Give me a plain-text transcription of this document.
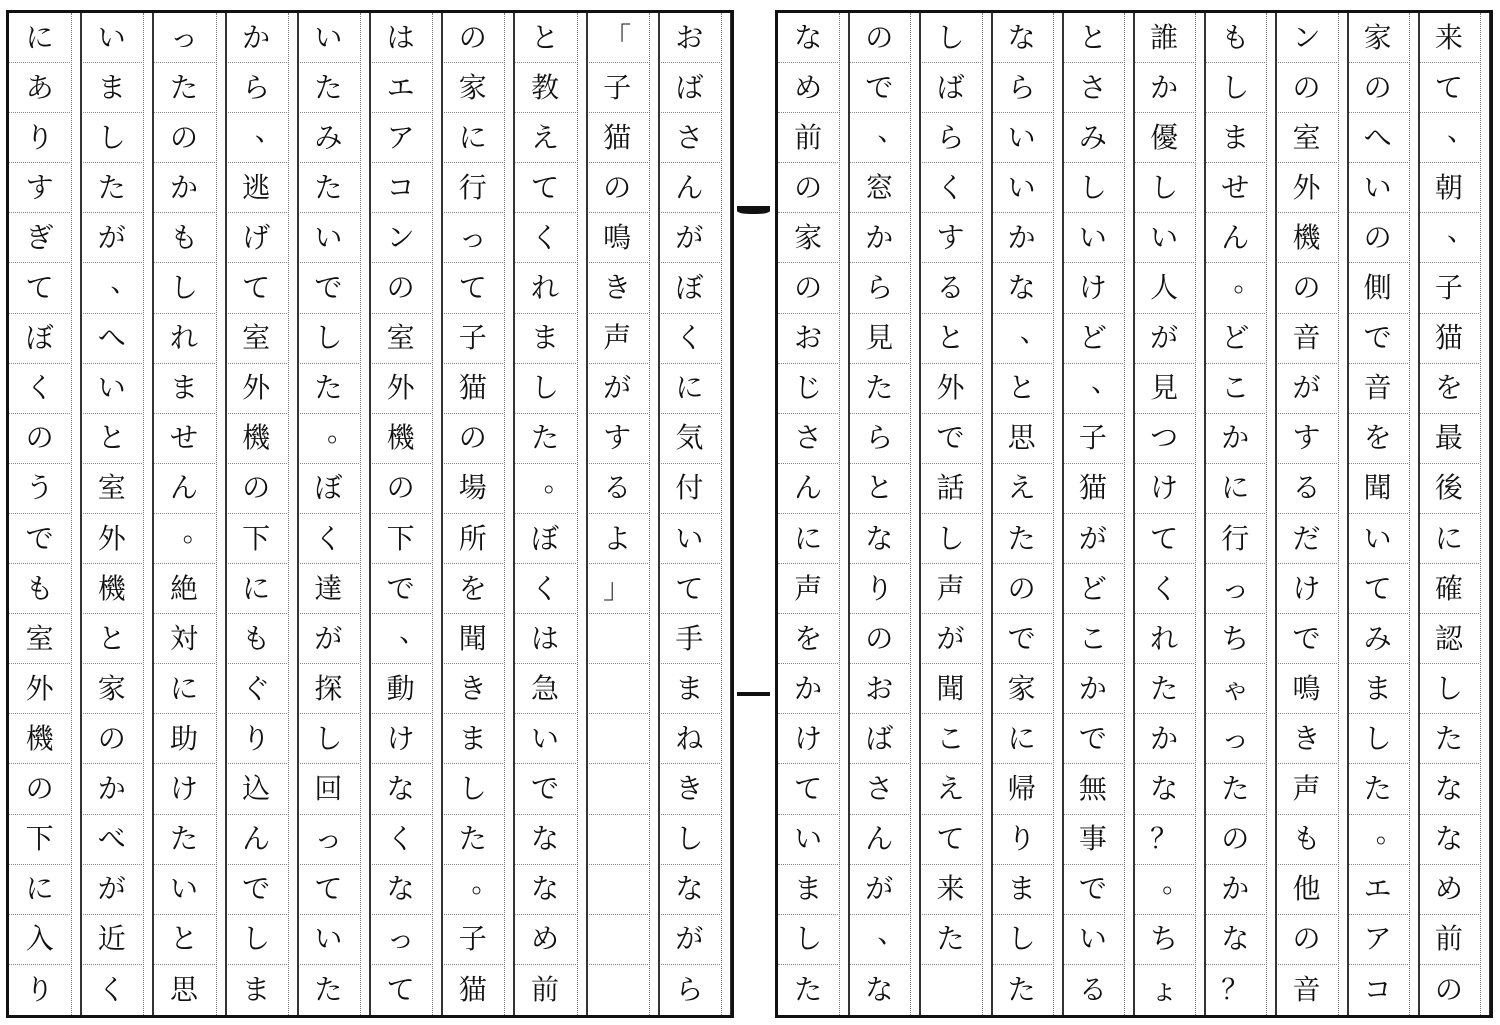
お
ば
さ
ん
が
ぼ
く
に
気
付
い
て
手
ま
ね
き
し
な
が
ら
「
子
猫
の
鳴
き
声
が
す
る
よ
」
と
教
え
て
く
れ
ま
し
た
。
ぼ
く
は
急
い
で
な
な
め
前
の
家
に
行
っ
て
子
猫
の
場
所
を
聞
き
ま
し
た
。
子
猫
は
エ
ア
コ
ン
の
室
外
機
の
下
で
、
動
け
な
く
な
っ
て
い
た
み
た
い
で
し
た
。
ぼ
く
達
が
探
し
回
っ
て
い
た
か
ら
、
逃
げ
て
室
外
機
の
下
に
も
ぐ
り
込
ん
で
し
ま
っ
た
の
か
も
し
れ
ま
せ
ん
。
絶
対
に
助
け
た
い
と
思
い
ま
し
た
が
、
へ
い
と
室
外
機
と
家
の
か
べ
が
近
く
に
あ
り
す
ぎ
て
ぼ
く
の
う
で
も
室
外
機
の
下
に
入
り
来
て
、
朝
、
子
猫
を
最
後
に
確
認
し
た
な
な
め
前
の
家
の
へ
い
の
側
で
音
を
聞
い
て
み
ま
し
た
。
エ
ア
コ
ン
の
室
外
機
の
音
が
す
る
だ
け
で
鳴
き
声
も
他
の
音
も
し
ま
せ
ん
。
ど
こ
か
に
行
っ
ち
ゃ
っ
た
の
か
な
？
誰
か
優
し
い
人
が
見
つ
け
て
く
れ
た
か
な
？
。
ち
ょ
と
さ
み
し
い
け
ど
、
子
猫
が
ど
こ
か
で
無
事
で
い
る
な
ら
い
い
か
な
、
と
思
え
た
の
で
家
に
帰
り
ま
し
た
し
ば
ら
く
す
る
と
外
で
話
し
声
が
聞
こ
え
て
来
た
の
で
、
窓
か
ら
見
た
ら
と
な
り
の
お
ば
さ
ん
が
、
な
な
め
前
の
家
の
お
じ
さ
ん
に
声
を
か
け
て
い
ま
し
た
